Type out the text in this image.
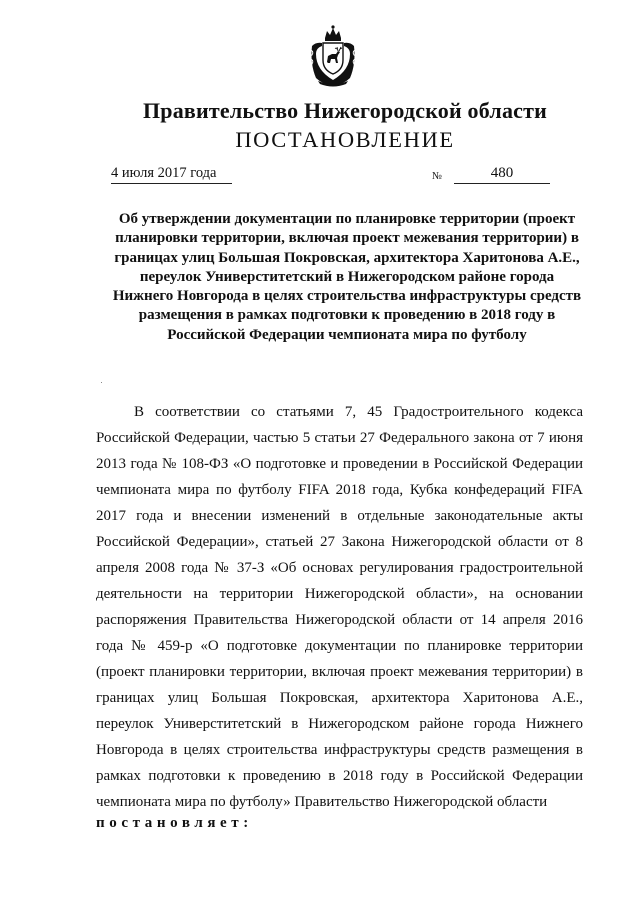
Правительство Нижегородской области
ПОСТАНОВЛЕНИЕ
4 июля 2017 года	№	480
Об утверждении документации по планировке территории (проект планировки территории, включая проект межевания территории) в границах улиц Большая Покровская, архитектора Харитонова А.Е., переулок Универститетский в Нижегородском районе города Нижнего Новгорода в целях строительства инфраструктуры средств размещения в рамках подготовки к проведению в 2018 году в Российской Федерации чемпионата мира по футболу
В соответствии со статьями 7, 45 Градостроительного кодекса Российской Федерации, частью 5 статьи 27 Федерального закона от 7 июня 2013 года № 108-ФЗ «О подготовке и проведении в Российской Федерации чемпионата мира по футболу FIFA 2018 года, Кубка конфедераций FIFA 2017 года и внесении изменений в отдельные законодательные акты Российской Федерации», статьей 27 Закона Нижегородской области от 8 апреля 2008 года № 37-З «Об основах регулирования градостроительной деятельности на территории Нижегородской области», на основании распоряжения Правительства Нижегородской области от 14 апреля 2016 года № 459-р «О подготовке документации по планировке территории (проект планировки территории, включая проект межевания территории) в границах улиц Большая Покровская, архитектора Харитонова А.Е., переулок Универститетский в Нижегородском районе города Нижнего Новгорода в целях строительства инфраструктуры средств размещения в рамках подготовки к проведению в 2018 году в Российской Федерации чемпионата мира по футболу» Правительство Нижегородской области
постановляет:
